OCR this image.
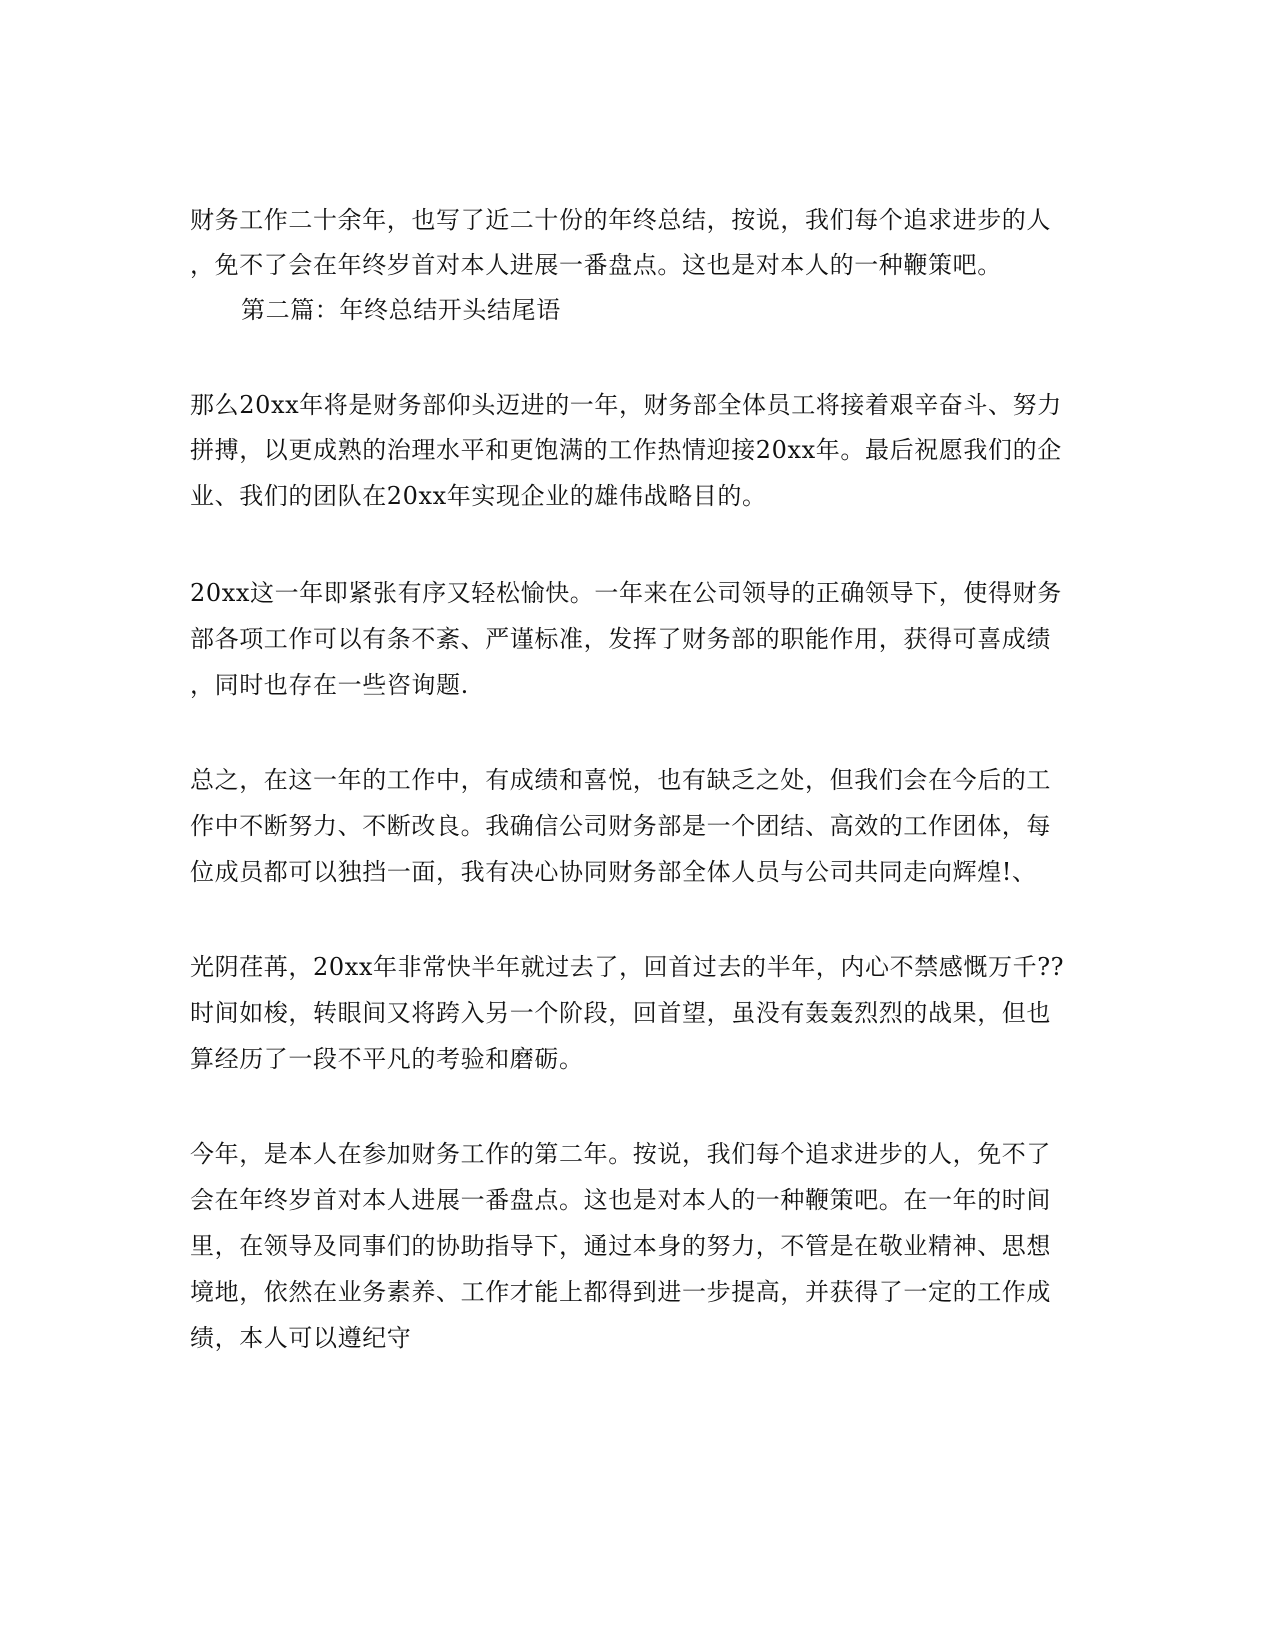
财务工作二十余年，也写了近二十份的年终总结，按说，我们每个追求进步的人
，免不了会在年终岁首对本人进展一番盘点。这也是对本人的一种鞭策吧。
第二篇：年终总结开头结尾语
那么20xx年将是财务部仰头迈进的一年，财务部全体员工将接着艰辛奋斗、努力
拼搏，以更成熟的治理水平和更饱满的工作热情迎接20xx年。最后祝愿我们的企
业、我们的团队在20xx年实现企业的雄伟战略目的。
20xx这一年即紧张有序又轻松愉快。一年来在公司领导的正确领导下，使得财务
部各项工作可以有条不紊、严谨标准，发挥了财务部的职能作用，获得可喜成绩
，同时也存在一些咨询题.
总之，在这一年的工作中，有成绩和喜悦，也有缺乏之处，但我们会在今后的工
作中不断努力、不断改良。我确信公司财务部是一个团结、高效的工作团体，每
位成员都可以独挡一面，我有决心协同财务部全体人员与公司共同走向辉煌!、
光阴荏苒，20xx年非常快半年就过去了，回首过去的半年，内心不禁感慨万千??
时间如梭，转眼间又将跨入另一个阶段，回首望，虽没有轰轰烈烈的战果，但也
算经历了一段不平凡的考验和磨砺。
今年，是本人在参加财务工作的第二年。按说，我们每个追求进步的人，免不了
会在年终岁首对本人进展一番盘点。这也是对本人的一种鞭策吧。在一年的时间
里，在领导及同事们的协助指导下，通过本身的努力，不管是在敬业精神、思想
境地，依然在业务素养、工作才能上都得到进一步提高，并获得了一定的工作成
绩，本人可以遵纪守
